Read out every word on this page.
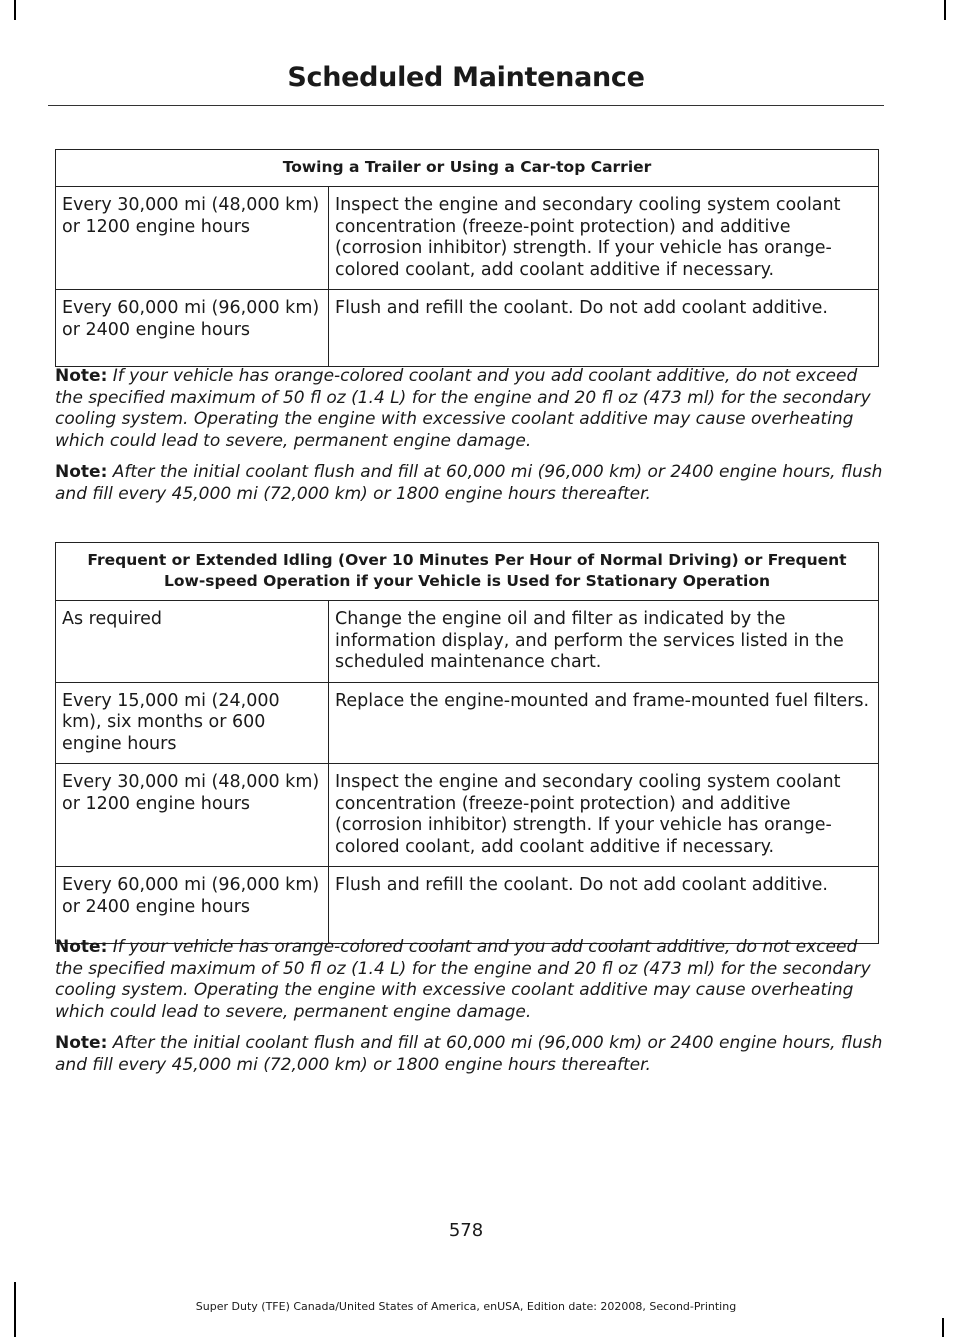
Scheduled Maintenance
Towing a Trailer or Using a Car-top Carrier	
Every 30,000 mi (48,000 km) or 1200 engine hours	Inspect the engine and secondary cooling system coolant concentration (freeze-point protection) and additive (corrosion inhibitor) strength. If your vehicle has orange-colored coolant, add coolant additive if necessary.
Every 60,000 mi (96,000 km) or 2400 engine hours	Flush and refill the coolant. Do not add coolant additive.

Note: If your vehicle has orange-colored coolant and you add coolant additive, do not exceed the specified maximum of 50 fl oz (1.4 L) for the engine and 20 fl oz (473 ml) for the secondary cooling system. Operating the engine with excessive coolant additive may cause overheating which could lead to severe, permanent engine damage.

Note: After the initial coolant flush and fill at 60,000 mi (96,000 km) or 2400 engine hours, flush and fill every 45,000 mi (72,000 km) or 1800 engine hours thereafter.

Frequent or Extended Idling (Over 10 Minutes Per Hour of Normal Driving) or Frequent Low-speed Operation if your Vehicle is Used for Stationary Operation	
As required	Change the engine oil and filter as indicated by the information display, and perform the services listed in the scheduled maintenance chart.
Every 15,000 mi (24,000 km), six months or 600 engine hours	Replace the engine-mounted and frame-mounted fuel filters.
Every 30,000 mi (48,000 km) or 1200 engine hours	Inspect the engine and secondary cooling system coolant concentration (freeze-point protection) and additive (corrosion inhibitor) strength. If your vehicle has orange-colored coolant, add coolant additive if necessary.
Every 60,000 mi (96,000 km) or 2400 engine hours	Flush and refill the coolant. Do not add coolant additive.

Note: If your vehicle has orange-colored coolant and you add coolant additive, do not exceed the specified maximum of 50 fl oz (1.4 L) for the engine and 20 fl oz (473 ml) for the secondary cooling system. Operating the engine with excessive coolant additive may cause overheating which could lead to severe, permanent engine damage.

Note: After the initial coolant flush and fill at 60,000 mi (96,000 km) or 2400 engine hours, flush and fill every 45,000 mi (72,000 km) or 1800 engine hours thereafter.

578
Super Duty (TFE) Canada/United States of America, enUSA, Edition date: 202008, Second-Printing
